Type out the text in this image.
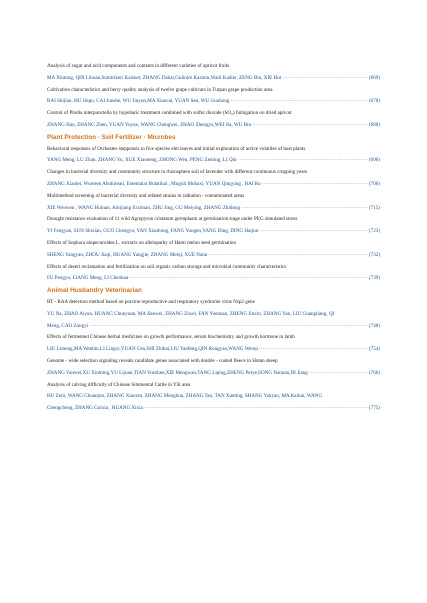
Analysis of sugar and acid components and contents in different varieties of apricot fruits
MA Xintong, QIN Lihuan,Sumirikeri Kaisner, ZHANG Dahai,Gulinire Kasimu,Waili Kadier, ZENG Bin, XIE Hui ·····	(669)
Cultivation characteristics and berry quality analysis of twelve grape cultivars in Turpan grape production area
BAI Shijian, HU Jinpu, CAI Junshe, WU Jiuyun,MA Xiaocai, YUAN Sen, WU Guohong ·····	(678)
Control of Plodia interpunctella by hypobaric treatment combined with sulfur dioxide (SO₂) fumigation on dried apricot
ZHANG Hao, ZHANG Zhen, YUAN Yuyue, WANG Chengwei, ZHAO Zhengyu,WEI Jia, WU Bin ·····	(688)
Plant Protection · Soil Fertilizer · Microbes
Behavioral responses of Orchestes steppensis to five species elm leaves and initial exploration of active volatiles of host plants
YANG Meng, LU Zhan, ZHANG Yu, XUE Xiaoneng, ZHONG Wen, PENG Zeming, LI Qin ·····	(696)
Changes in bacterial diversity and community structure in rhizosphere soil of lavender with different continuous cropping years
ZHANG Xiaolei, Wureren Abuhireati, Entemalar Bulatihai , Muguli Muhaxi, YUAN Qingying , BAI Ru ·····	(706)
Multimethod screening of bacterial diversity and related strains in radiation - contaminated areas
XIE Wenwen , WANG Huinan, Ainijiang Erximan, ZHU Jing, GU Meiying, ZHANG Zhidong ·····	(715)
Drought resistance evaluation of 11 wild Agropyron cristatum germplasm at germination stage under PEG simulated stress
YI Fengyan, SUN Shixian, GUO Chengyu, YAN Xiaohong, FANG Yongen,YANG Ding, DING Haijun ·····	(723)
Effects of Sophora alopecuroides L. extracts on allelopathy of Hami melon seed germination
SHENG Yangyan, ZHOU Jiaqi, HUANG Yangjie, ZHANG Meiqi, XUE Nana ·····	(732)
Effects of desert reclamation and fertilization on soil organic carbon storage and microbial community characteristics
FU Pengyu, LIANG Meng, LI Chenhua ·····	(739)
Animal Husbandry Veterinarian
RT - RAA detection method based on porcine reproductive and respiratory syndrome virus Nsp2 gene
YU Na, ZHAO Aiyun, HUANG Chunyuan, MA Jianwei, ZHANG Ziwei, FAN Yuenuan, ZHENG Jinxin, ZHANG Yan, LIU Guangliang, QI
Meng, CAO Zongyi ·····	(748)
Effects of fermented Chinese herbal medicines on growth performance, serum biochemistry and growth hormone in lamb
LIU Limeng,MA Wenbin,LI Lingxi,YUAN Cen,SHI Zhihai,LIU Yanfeng,QIN Rongyan,WANG Wenqi ·····	(754)
Genome - wide selection signaling reveals candidate genes associated with double - coated fleece in Hotan sheep
ZHANG Yanwei,XU Xinming,YU Lijuan,TIAN Yuezhen,XIE Mengwan,TANG Liping,ZHENG Peiye,SONG Nannan,DI Jiang ·····	(766)
Analysis of calving difficulty of Chinese Simmental Cattle in Yili area
HU Zeru, WANG Chuanjun, ZHANG Xiaoran, ZHANG Menghua, ZHANG Tao, TAN Xueting, SHANG Yanyan, MA Kailun, WANG
Chengcheng, ZHANG Guixia , HUANG Xixia ·····	(775)
